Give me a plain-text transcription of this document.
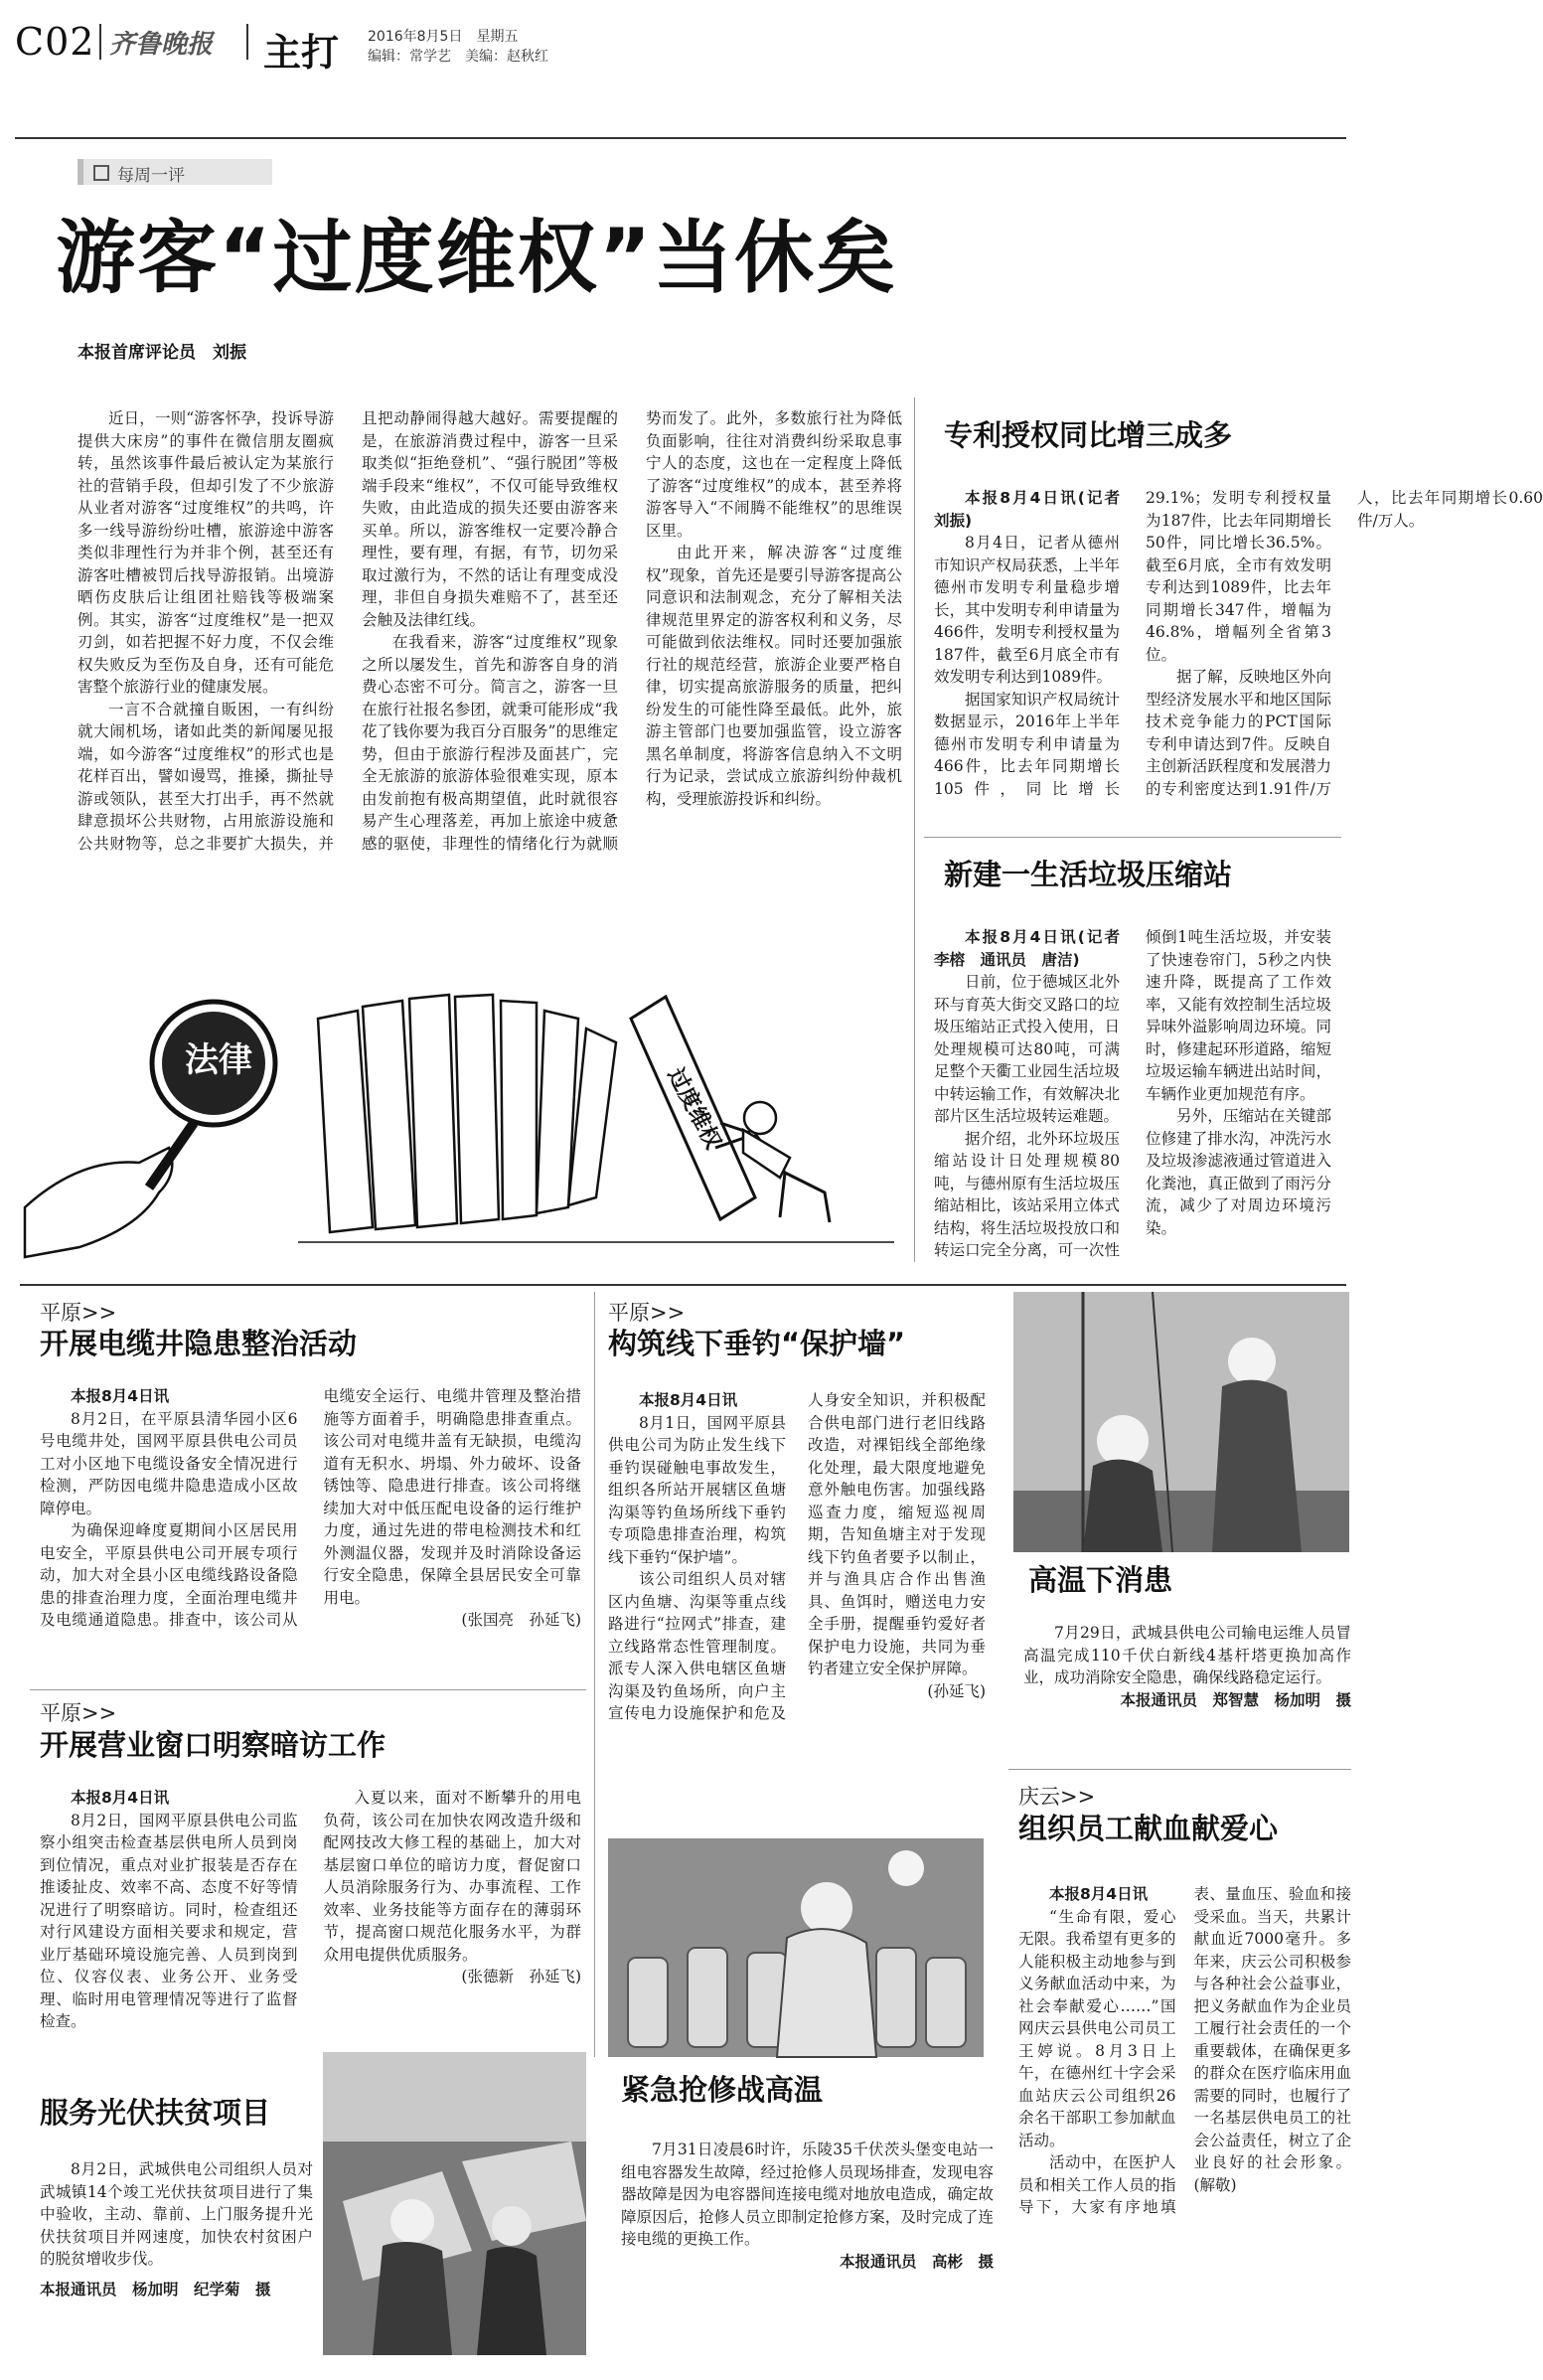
C02 齐鲁晚报 主打 2016年8月5日　星期五
编辑：常学艺　美编：赵秋红
每周一评
游客“过度维权”当休矣
本报首席评论员　刘振

近日，一则“游客怀孕，投诉导游提供大床房”的事件在微信朋友圈疯转，虽然该事件最后被认定为某旅行社的营销手段，但却引发了不少旅游从业者对游客“过度维权”的共鸣，许多一线导游纷纷吐槽，旅游途中游客类似非理性行为并非个例，甚至还有游客吐槽被罚后找导游报销。出境游晒伤皮肤后让组团社赔钱等极端案例。其实，游客“过度维权”是一把双刃剑，如若把握不好力度，不仅会维权失败反为至伤及自身，还有可能危害整个旅游行业的健康发展。

一言不合就撞自販困，一有纠纷就大闹机场，诸如此类的新闻屡见报端，如今游客“过度维权”的形式也是花样百出，譬如谩骂，推搡，撕扯导游或领队，甚至大打出手，再不然就肆意损坏公共财物，占用旅游设施和公共财物等，总之非要扩大损失，并且把动静闹得越大越好。需要提醒的是，在旅游消费过程中，游客一旦采取类似“拒绝登机”、“强行脱团”等极端手段来“维权”，不仅可能导致维权失败，由此造成的损失还要由游客来买单。所以，游客维权一定要冷静合理性，要有理，有据，有节，切勿采取过激行为，不然的话让有理变成没理，非但自身损失难赔不了，甚至还会触及法律红线。

在我看来，游客“过度维权”现象之所以屡发生，首先和游客自身的消费心态密不可分。简言之，游客一旦在旅行社报名参团，就秉可能形成“我花了钱你要为我百分百服务”的思维定势，但由于旅游行程涉及面甚广，完全无旅游的旅游体验很难实现，原本由发前抱有极高期望值，此时就很容易产生心理落差，再加上旅途中疲惫感的驱使，非理性的情绪化行为就顺势而发了。此外，多数旅行社为降低负面影响，往往对消费纠纷采取息事宁人的态度，这也在一定程度上降低了游客“过度维权”的成本，甚至养将游客导入“不闹腾不能维权”的思维误区里。

由此开来，解决游客“过度维权”现象，首先还是要引导游客提高公同意识和法制观念，充分了解相关法律规范里界定的游客权利和义务，尽可能做到依法维权。同时还要加强旅行社的规范经营，旅游企业要严格自律，切实提高旅游服务的质量，把纠纷发生的可能性降至最低。此外，旅游主管部门也要加强监管，设立游客黑名单制度，将游客信息纳入不文明行为记录，尝试成立旅游纠纷仲裁机构，受理旅游投诉和纠纷。

过度维权
法律
专利授权同比增三成多

本报8月4日讯(记者　刘振)

8月4日，记者从德州市知识产权局获悉，上半年德州市发明专利量稳步增长，其中发明专利申请量为466件，发明专利授权量为187件，截至6月底全市有效发明专利达到1089件。

据国家知识产权局统计数据显示，2016年上半年德州市发明专利申请量为466件，比去年同期增长105件，同比增长29.1%；发明专利授权量为187件，比去年同期增长50件，同比增长36.5%。截至6月底，全市有效发明专利达到1089件，比去年同期增长347件，增幅为46.8%，增幅列全省第3位。

据了解，反映地区外向型经济发展水平和地区国际技术竞争能力的PCT国际专利申请达到7件。反映自主创新活跃程度和发展潜力的专利密度达到1.91件/万人，比去年同期增长0.60件/万人。

新建一生活垃圾压缩站

本报8月4日讯(记者　李榕　通讯员　唐洁)

日前，位于德城区北外环与育英大街交叉路口的垃圾压缩站正式投入使用，日处理规模可达80吨，可满足整个天衢工业园生活垃圾中转运输工作，有效解决北部片区生活垃圾转运难题。

据介绍，北外环垃圾压缩站设计日处理规模80吨，与德州原有生活垃圾压缩站相比，该站采用立体式结构，将生活垃圾投放口和转运口完全分离，可一次性倾倒1吨生活垃圾，并安装了快速卷帘门，5秒之内快速升降，既提高了工作效率，又能有效控制生活垃圾异味外溢影响周边环境。同时，修建起环形道路，缩短垃圾运输车辆进出站时间，车辆作业更加规范有序。

另外，压缩站在关键部位修建了排水沟，冲洗污水及垃圾渗滤液通过管道进入化粪池，真正做到了雨污分流，减少了对周边环境污染。

平原>>
开展电缆井隐患整治活动

本报8月4日讯

8月2日，在平原县清华园小区6号电缆井处，国网平原县供电公司员工对小区地下电缆设备安全情况进行检测，严防因电缆井隐患造成小区故障停电。

为确保迎峰度夏期间小区居民用电安全，平原县供电公司开展专项行动，加大对全县小区电缆线路设备隐患的排查治理力度，全面治理电缆井及电缆通道隐患。排查中，该公司从电缆安全运行、电缆井管理及整治措施等方面着手，明确隐患排查重点。该公司对电缆井盖有无缺损，电缆沟道有无积水、坍塌、外力破坏、设备锈蚀等、隐患进行排查。该公司将继续加大对中低压配电设备的运行维护力度，通过先进的带电检测技术和红外测温仪器，发现并及时消除设备运行安全隐患，保障全县居民安全可靠用电。

(张国亮　孙延飞)
平原>>
开展营业窗口明察暗访工作

本报8月4日讯

8月2日，国网平原县供电公司监察小组突击检查基层供电所人员到岗到位情况，重点对业扩报装是否存在推诿扯皮、效率不高、态度不好等情况进行了明察暗访。同时，检查组还对行风建设方面相关要求和规定，营业厅基础环境设施完善、人员到岗到位、仪容仪表、业务公开、业务受理、临时用电管理情况等进行了监督检查。

入夏以来，面对不断攀升的用电负荷，该公司在加快农网改造升级和配网技改大修工程的基础上，加大对基层窗口单位的暗访力度，督促窗口人员消除服务行为、办事流程、工作效率、业务技能等方面存在的薄弱环节，提高窗口规范化服务水平，为群众用电提供优质服务。

(张德新　孙延飞)
服务光伏扶贫项目

8月2日，武城供电公司组织人员对武城镇14个竣工光伏扶贫项目进行了集中验收，主动、靠前、上门服务提升光伏扶贫项目并网速度，加快农村贫困户的脱贫增收步伐。

本报通讯员　杨加明　纪学菊　摄
平原>>
构筑线下垂钓“保护墙”

本报8月4日讯

8月1日，国网平原县供电公司为防止发生线下垂钓误碰触电事故发生，组织各所站开展辖区鱼塘沟渠等钓鱼场所线下垂钓专项隐患排查治理，构筑线下垂钓“保护墙”。

该公司组织人员对辖区内鱼塘、沟渠等重点线路进行“拉网式”排查，建立线路常态性管理制度。派专人深入供电辖区鱼塘沟渠及钓鱼场所，向户主宣传电力设施保护和危及人身安全知识，并积极配合供电部门进行老旧线路改造，对裸铝线全部绝缘化处理，最大限度地避免意外触电伤害。加强线路巡查力度，缩短巡视周期，告知鱼塘主对于发现线下钓鱼者要予以制止，并与渔具店合作出售渔具、鱼饵时，赠送电力安全手册，提醒垂钓爱好者保护电力设施，共同为垂钓者建立安全保护屏障。

(孙延飞)
紧急抢修战高温

7月31日凌晨6时许，乐陵35千伏茨头堡变电站一组电容器发生故障，经过抢修人员现场排查，发现电容器故障是因为电容器间连接电缆对地放电造成，确定故障原因后，抢修人员立即制定抢修方案，及时完成了连接电缆的更换工作。

本报通讯员　高彬　摄
高温下消患

7月29日，武城县供电公司输电运维人员冒高温完成110千伏白新线4基杆塔更换加高作业，成功消除安全隐患，确保线路稳定运行。

本报通讯员　郑智慧　杨加明　摄
庆云>>
组织员工献血献爱心

本报8月4日讯

“生命有限，爱心无限。我希望有更多的人能积极主动地参与到义务献血活动中来，为社会奉献爱心……”国网庆云县供电公司员工王婷说。8月3日上午，在德州红十字会采血站庆云公司组织26余名干部职工参加献血活动。

活动中，在医护人员和相关工作人员的指导下，大家有序地填表、量血压、验血和接受采血。当天，共累计献血近7000毫升。多年来，庆云公司积极参与各种社会公益事业，把义务献血作为企业员工履行社会责任的一个重要载体，在确保更多的群众在医疗临床用血需要的同时，也履行了一名基层供电员工的社会公益责任，树立了企业良好的社会形象。(解敬)
